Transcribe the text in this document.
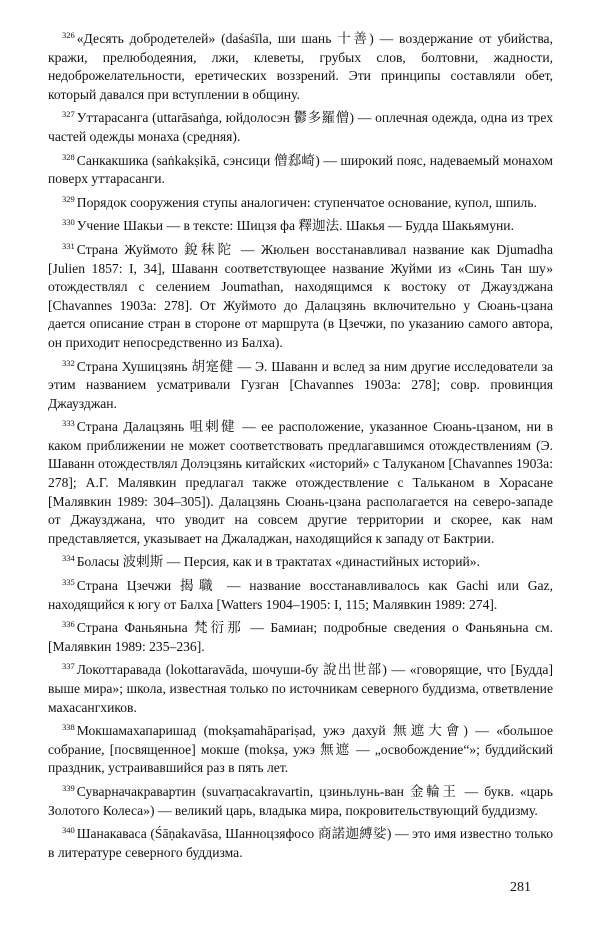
$^{326}$ «Десять добродетелей» (daśaśīla, ши шань 十善) — воздержание от убийства, кражи, прелюбодеяния, лжи, клеветы, грубых слов, болтовни, жадности, недоброжелательности, еретических воззрений. Эти принципы составляли обет, который давался при вступлении в общину.

$^{327}$ Уттарасанга (uttarāsaṅga, юйдолосэн 鬱多羅僧) — оплечная одежда, одна из трех частей одежды монаха (средняя).

$^{328}$ Санкакшика (saṅkakṣikā, сэнсици 僧郄崎) — широкий пояс, надеваемый монахом поверх уттарасанги.

$^{329}$ Порядок сооружения ступы аналогичен: ступенчатое основание, купол, шпиль.

$^{330}$ Учение Шакьи — в тексте: Шицзя фа 釋迦法. Шакья — Будда Шакьямуни.

$^{331}$ Страна Жуймото 銳秣陀 — Жюльен восстанавливал название как Djumadha [Julien 1857: I, 34], Шаванн соответствующее название Жуйми из «Синь Тан шу» отождествлял с селением Joumathan, находящимся к востоку от Джаузджана [Chavannes 1903a: 278]. От Жуймото до Далацзянь включительно у Сюань-цзана дается описание стран в стороне от маршрута (в Цзечжи, по указанию самого автора, он приходит непосредственно из Балха).

$^{332}$ Страна Хушицзянь 胡寔健 — Э. Шаванн и вслед за ним другие исследователи за этим названием усматривали Гузган [Chavannes 1903a: 278]; совр. провинция Джаузджан.

$^{333}$ Страна Далацзянь 咀剌健 — ее расположение, указанное Сюань-цзаном, ни в каком приближении не может соответствовать предлагавшимся отождествлениям (Э. Шаванн отождествлял Долэцзянь китайских «историй» с Талуканом [Chavannes 1903a: 278]; А.Г. Малявкин предлагал также отождествление с Тальканом в Хорасане [Малявкин 1989: 304–305]). Далацзянь Сюань-цзана располагается на северо-западе от Джаузджана, что уводит на совсем другие территории и скорее, как нам представляется, указывает на Джаладжан, находящийся к западу от Бактрии.

$^{334}$ Боласы 波剌斯 — Персия, как и в трактатах «династийных историй».

$^{335}$ Страна Цзечжи 揭職 — название восстанавливалось как Gachi или Gaz, находящийся к югу от Балха [Watters 1904–1905: I, 115; Малявкин 1989: 274].

$^{336}$ Страна Фаньяньна 梵衍那 — Бамиан; подробные сведения о Фаньяньна см. [Малявкин 1989: 235–236].

$^{337}$ Локоттаравада (lokottaravāda, шочуши-бу 說出世部) — «говорящие, что [Будда] выше мира»; школа, известная только по источникам северного буддизма, ответвление махасангхиков.

$^{338}$ Мокшамахапаришад (mokṣamahāpariṣad, ужэ дахуй 無遮大會) — «большое собрание, [посвященное] мокше (mokṣa, ужэ 無遮 — „освобождение“»; буддийский праздник, устраивавшийся раз в пять лет.

$^{339}$ Суварначакравартин (suvarṇacakravartin, цзиньлунь-ван 金輪王 — букв. «царь Золотого Колеса») — великий царь, владыка мира, покровительствующий буддизму.

$^{340}$ Шанакаваса (Śāṇakavāsa, Шанноцзяфосо 商諾迦縛娑) — это имя известно только в литературе северного буддизма.

281
